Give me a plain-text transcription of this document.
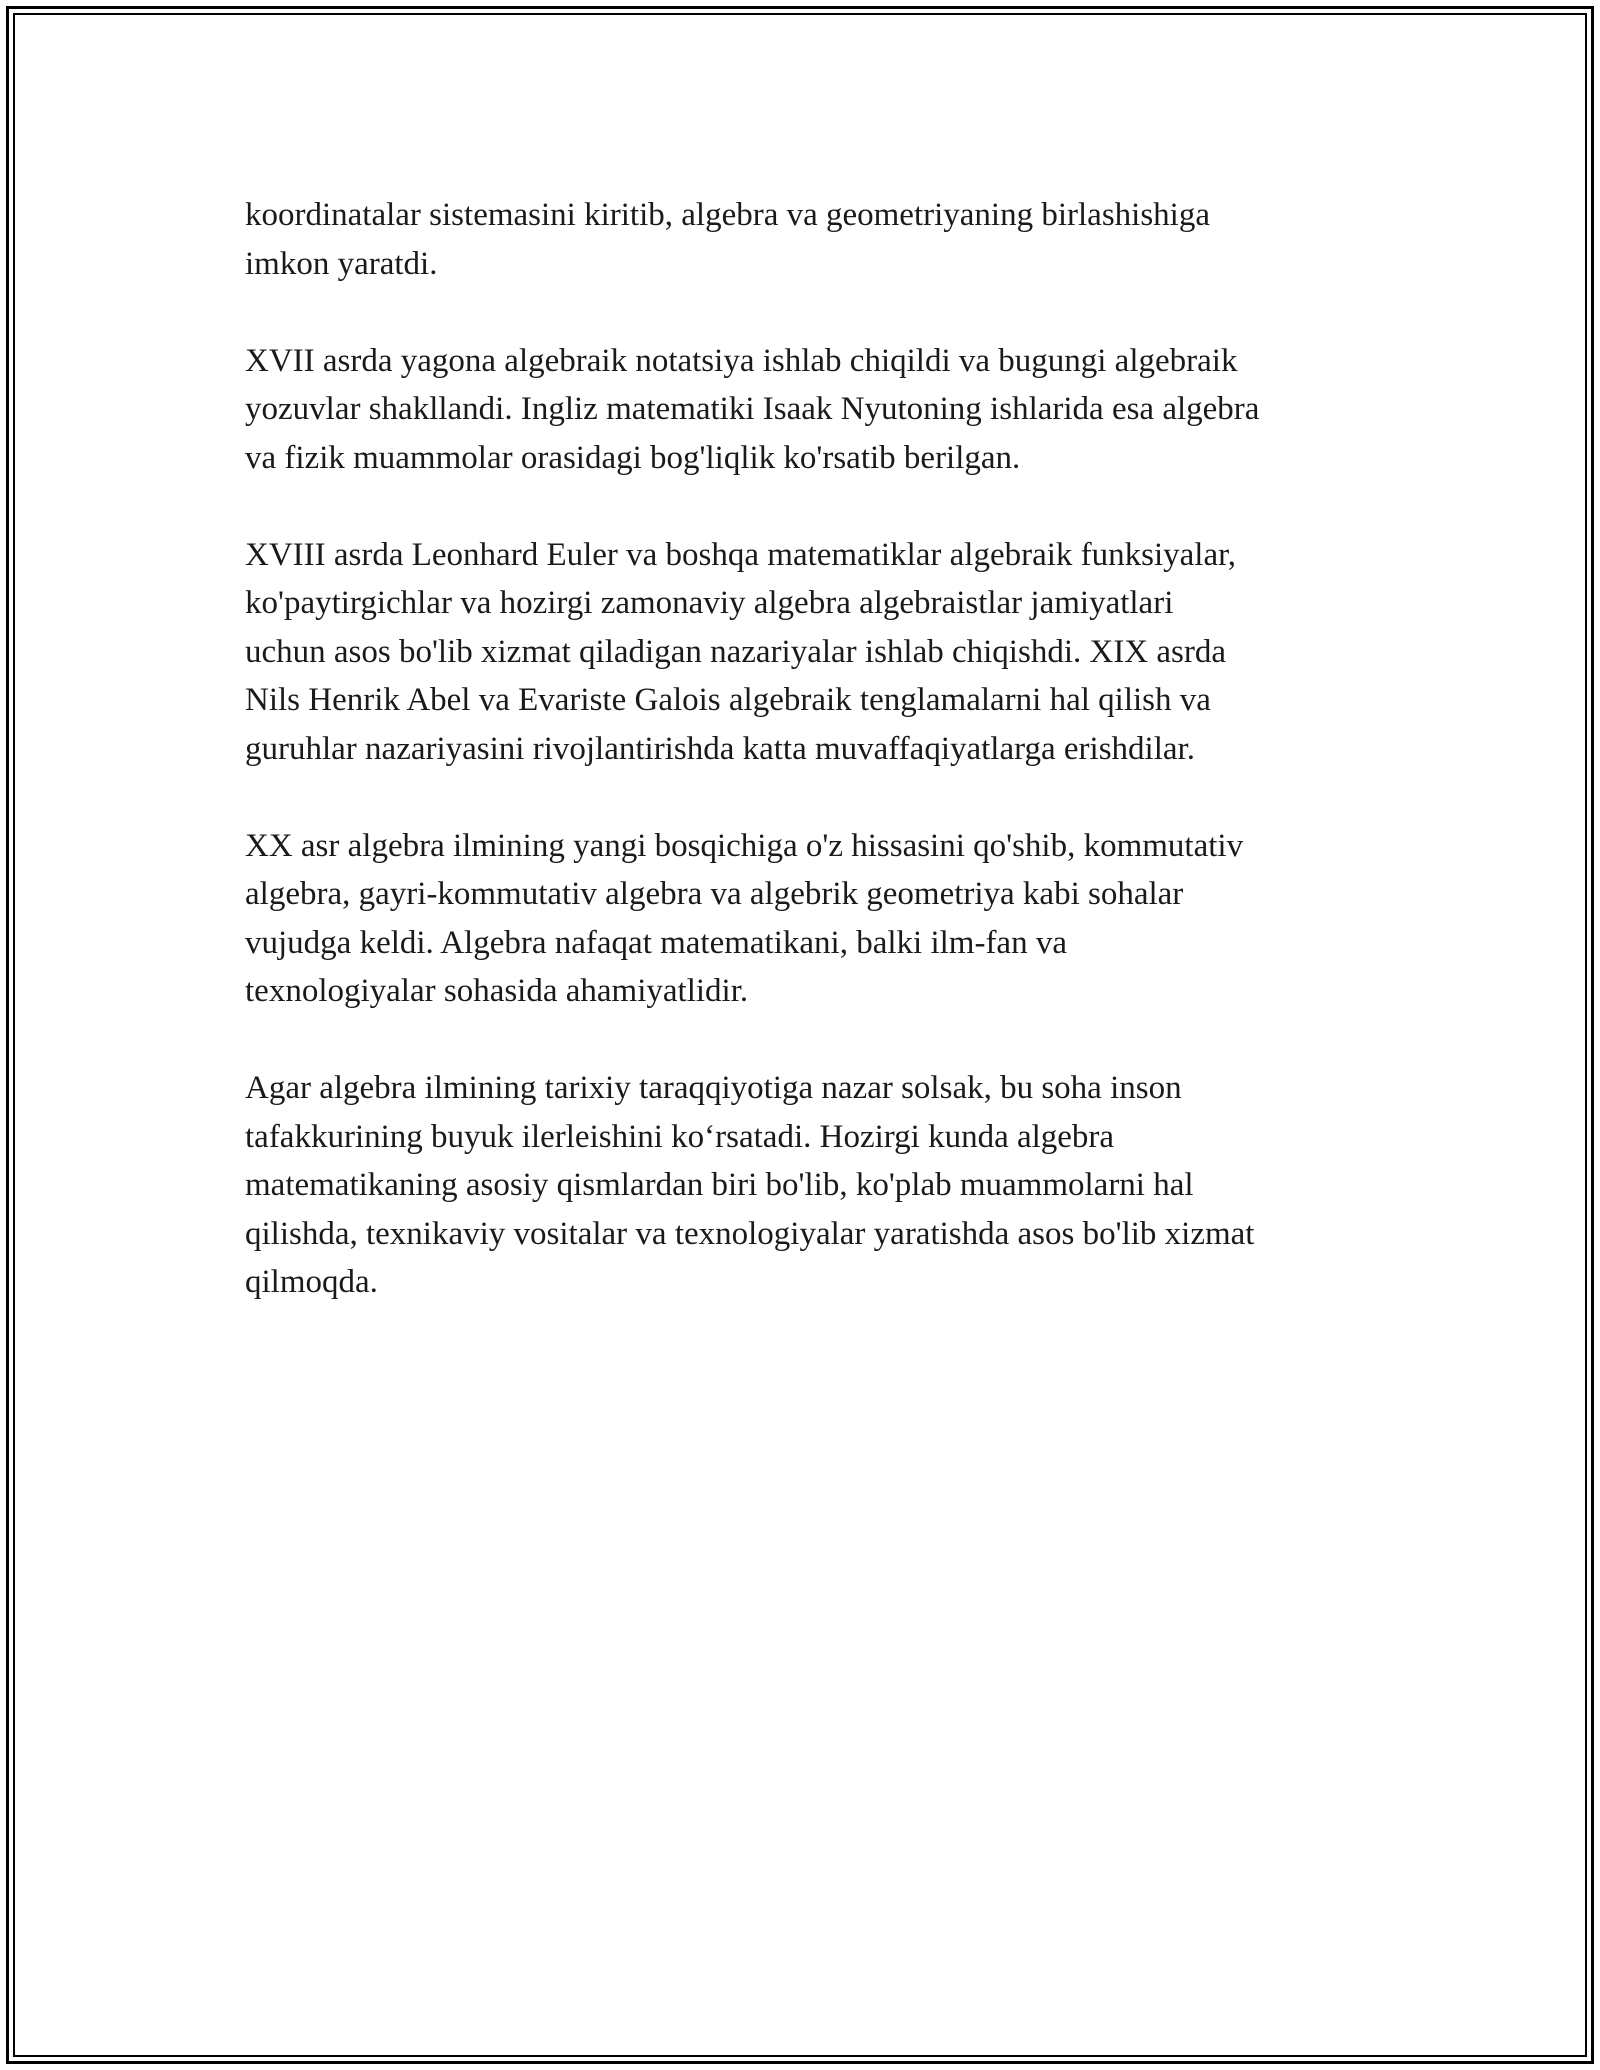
koordinatalar sistemasini kiritib, algebra va geometriyaning birlashishiga
imkon yaratdi.

XVII asrda yagona algebraik notatsiya ishlab chiqildi va bugungi algebraik
yozuvlar shakllandi. Ingliz matematiki Isaak Nyutoning ishlarida esa algebra
va fizik muammolar orasidagi bog'liqlik ko'rsatib berilgan.

XVIII asrda Leonhard Euler va boshqa matematiklar algebraik funksiyalar,
ko'paytirgichlar va hozirgi zamonaviy algebra algebraistlar jamiyatlari
uchun asos bo'lib xizmat qiladigan nazariyalar ishlab chiqishdi. XIX asrda
Nils Henrik Abel va Evariste Galois algebraik tenglamalarni hal qilish va
guruhlar nazariyasini rivojlantirishda katta muvaffaqiyatlarga erishdilar.

XX asr algebra ilmining yangi bosqichiga o'z hissasini qo'shib, kommutativ
algebra, gayri-kommutativ algebra va algebrik geometriya kabi sohalar
vujudga keldi. Algebra nafaqat matematikani, balki ilm-fan va
texnologiyalar sohasida ahamiyatlidir.

Agar algebra ilmining tarixiy taraqqiyotiga nazar solsak, bu soha inson
tafakkurining buyuk ilerleishini ko‘rsatadi. Hozirgi kunda algebra
matematikaning asosiy qismlardan biri bo'lib, ko'plab muammolarni hal
qilishda, texnikaviy vositalar va texnologiyalar yaratishda asos bo'lib xizmat
qilmoqda.
